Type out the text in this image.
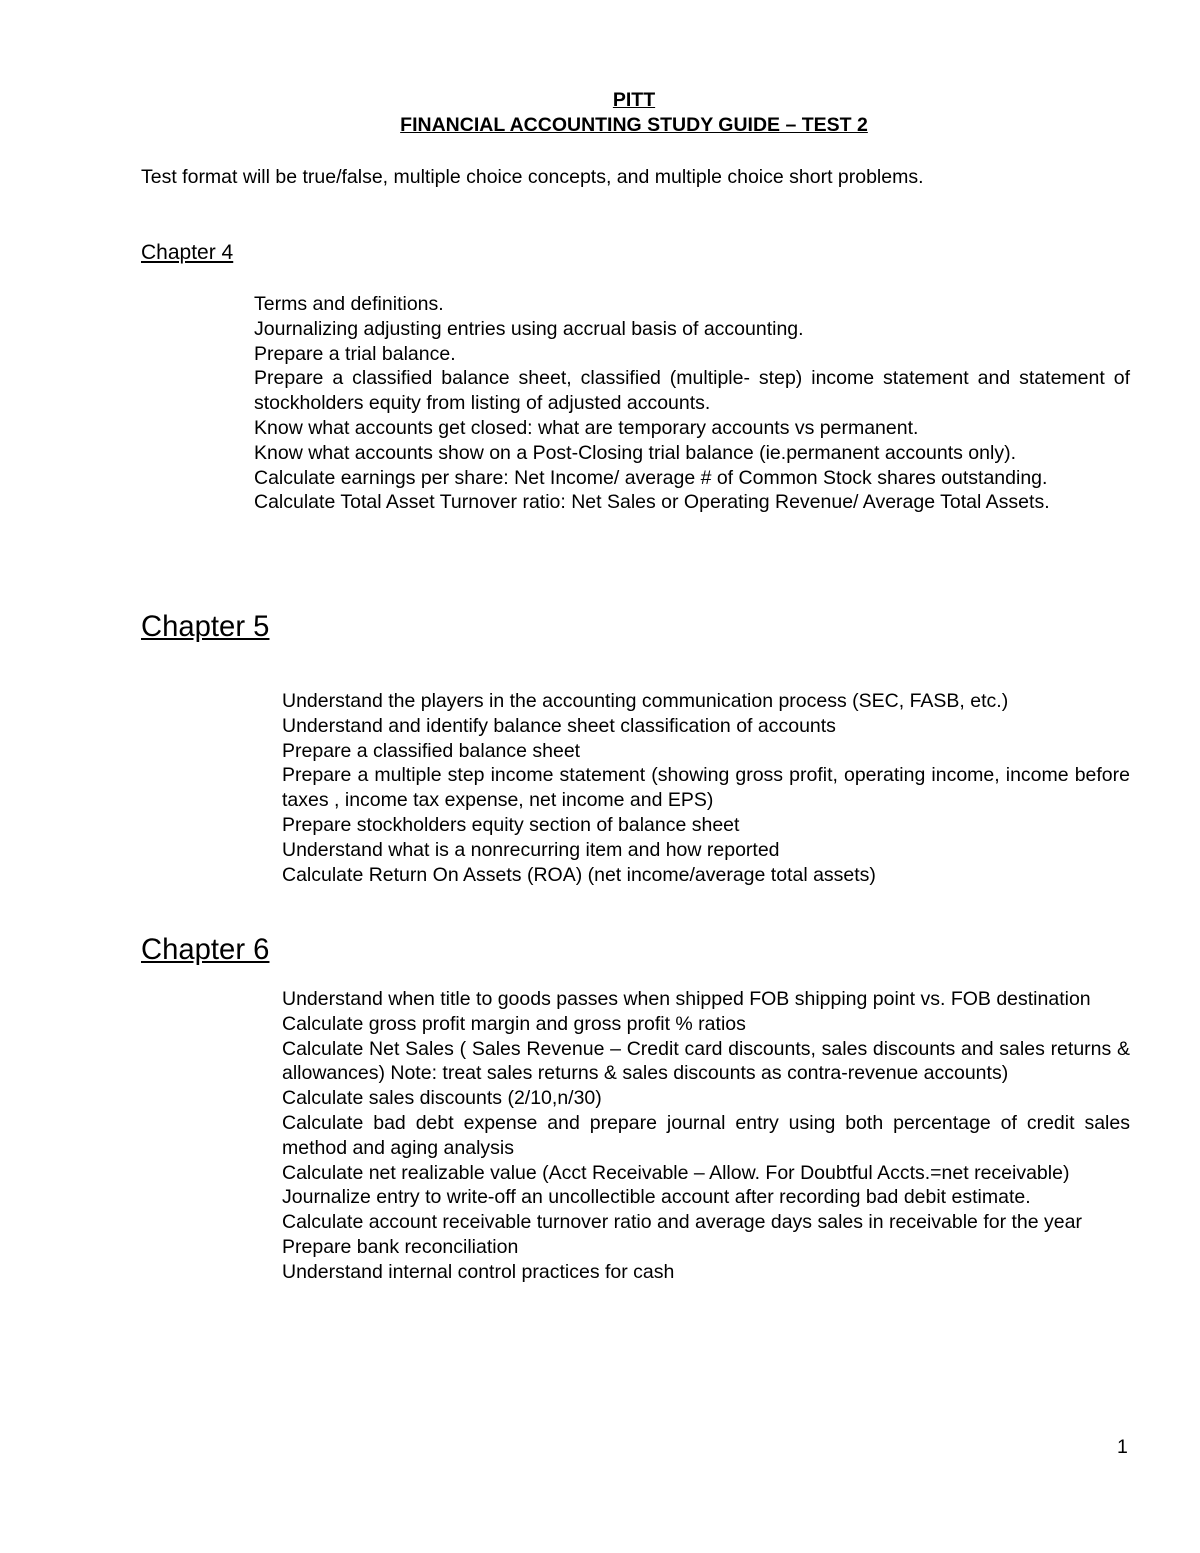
PITT
FINANCIAL ACCOUNTING STUDY GUIDE – TEST 2

Test format will be true/false, multiple choice concepts, and multiple choice short problems.

Chapter 4
Terms and definitions.
Journalizing adjusting entries using accrual basis of accounting.
Prepare a trial balance.
Prepare a classified balance sheet, classified (multiple- step) income statement and statement of stockholders equity from listing of adjusted accounts.
Know what accounts get closed: what are temporary accounts vs permanent.
Know what accounts show on a Post-Closing trial balance (ie.permanent accounts only).
Calculate earnings per share: Net Income/ average # of Common Stock shares outstanding.
Calculate Total Asset Turnover ratio: Net Sales or Operating Revenue/ Average Total Assets.
Chapter 5
Understand the players in the accounting communication process (SEC, FASB, etc.)
Understand and identify balance sheet classification of accounts
Prepare a classified balance sheet
Prepare a multiple step income statement (showing gross profit, operating income, income before taxes , income tax expense, net income and EPS)
Prepare stockholders equity section of balance sheet
Understand what is a nonrecurring item and how reported
Calculate Return On Assets (ROA) (net income/average total assets)
Chapter 6
Understand when title to goods passes when shipped FOB shipping point vs. FOB destination
Calculate gross profit margin and gross profit % ratios
Calculate Net Sales ( Sales Revenue – Credit card discounts, sales discounts and sales returns & allowances) Note: treat sales returns & sales discounts as contra-revenue accounts)
Calculate sales discounts (2/10,n/30)
Calculate bad debt expense and prepare journal entry using both percentage of credit sales method and aging analysis
Calculate net realizable value (Acct Receivable – Allow. For Doubtful Accts.=net receivable)
Journalize entry to write-off an uncollectible account after recording bad debit estimate.
Calculate account receivable turnover ratio and average days sales in receivable for the year
Prepare bank reconciliation
Understand internal control practices for cash

1
